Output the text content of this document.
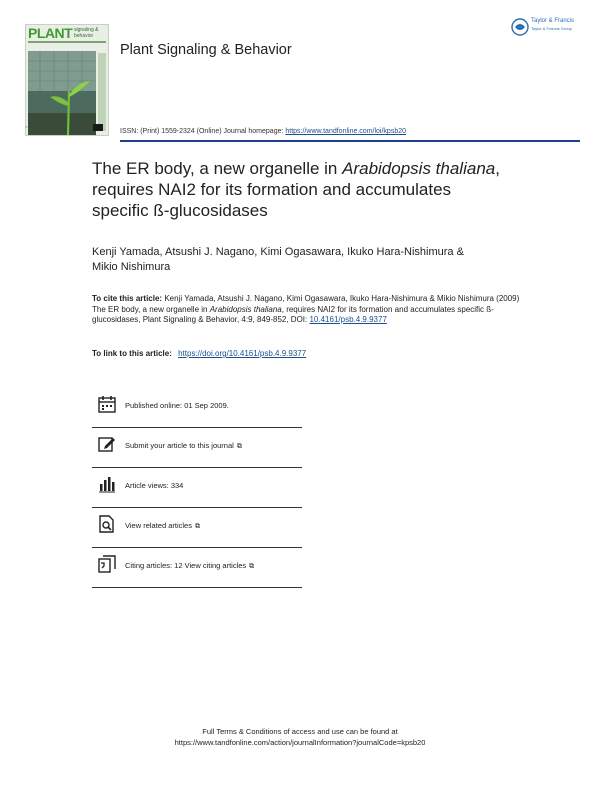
PLANT signaling &
behavior
◦
Plant Signaling & Behavior
Taylor & Francis
Taylor & Francis Group
ISSN: (Print) 1559-2324 (Online) Journal homepage: https://www.tandfonline.com/loi/kpsb20
The ER body, a new organelle in Arabidopsis thaliana, requires NAI2 for its formation and accumulates specific ß-glucosidases
Kenji Yamada, Atsushi J. Nagano, Kimi Ogasawara, Ikuko Hara-Nishimura &
Mikio Nishimura
To cite this article: Kenji Yamada, Atsushi J. Nagano, Kimi Ogasawara, Ikuko Hara-Nishimura & Mikio Nishimura (2009) The ER body, a new organelle in Arabidopsis thaliana, requires NAI2 for its formation and accumulates specific ß-glucosidases, Plant Signaling & Behavior, 4:9, 849-852, DOI: 10.4161/psb.4.9.9377
To link to this article: https://doi.org/10.4161/psb.4.9.9377
Published online: 01 Sep 2009.
Submit your article to this journal ⧉
Article views: 334
View related articles ⧉
Citing articles: 12 View citing articles ⧉
Full Terms & Conditions of access and use can be found at
https://www.tandfonline.com/action/journalInformation?journalCode=kpsb20
